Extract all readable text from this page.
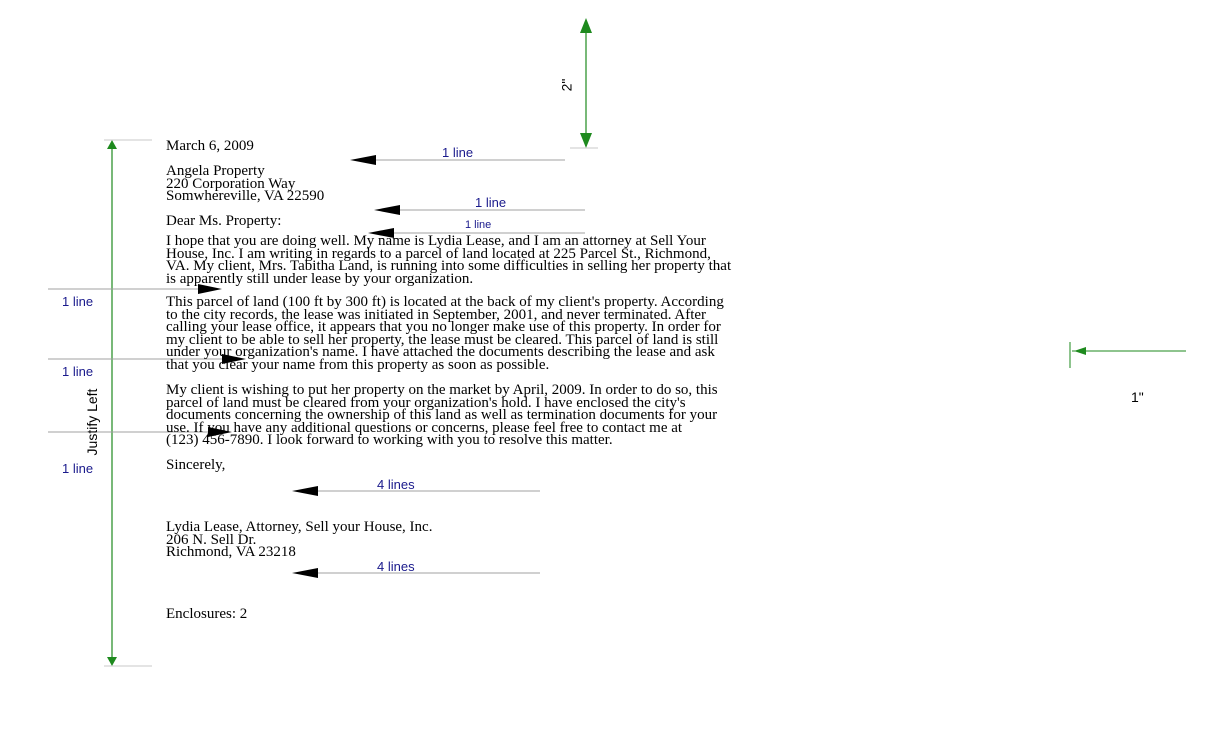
2"
1"
Justify Left
1 line
1 line
1 line
1 line
1 line
1 line
4 lines
4 lines
March 6, 2009
Angela Property
220 Corporation Way
Somwhereville, VA 22590
Dear Ms. Property:
I hope that you are doing well. My name is Lydia Lease, and I am an attorney at Sell Your
House, Inc. I am writing in regards to a parcel of land located at 225 Parcel St., Richmond,
VA. My client, Mrs. Tabitha Land, is running into some difficulties in selling her property that
is apparently still under lease by your organization.
This parcel of land (100 ft by 300 ft) is located at the back of my client's property. According
to the city records, the lease was initiated in September, 2001, and never terminated. After
calling your lease office, it appears that you no longer make use of this property. In order for
my client to be able to sell her property, the lease must be cleared. This parcel of land is still
under your organization's name. I have attached the documents describing the lease and ask
that you clear your name from this property as soon as possible.
My client is wishing to put her property on the market by April, 2009. In order to do so, this
parcel of land must be cleared from your organization's hold. I have enclosed the city's
documents concerning the ownership of this land as well as termination documents for your
use. If you have any additional questions or concerns, please feel free to contact me at
(123) 456-7890. I look forward to working with you to resolve this matter.
Sincerely,
Lydia Lease, Attorney, Sell your House, Inc.
206 N. Sell Dr.
Richmond, VA 23218
Enclosures: 2
